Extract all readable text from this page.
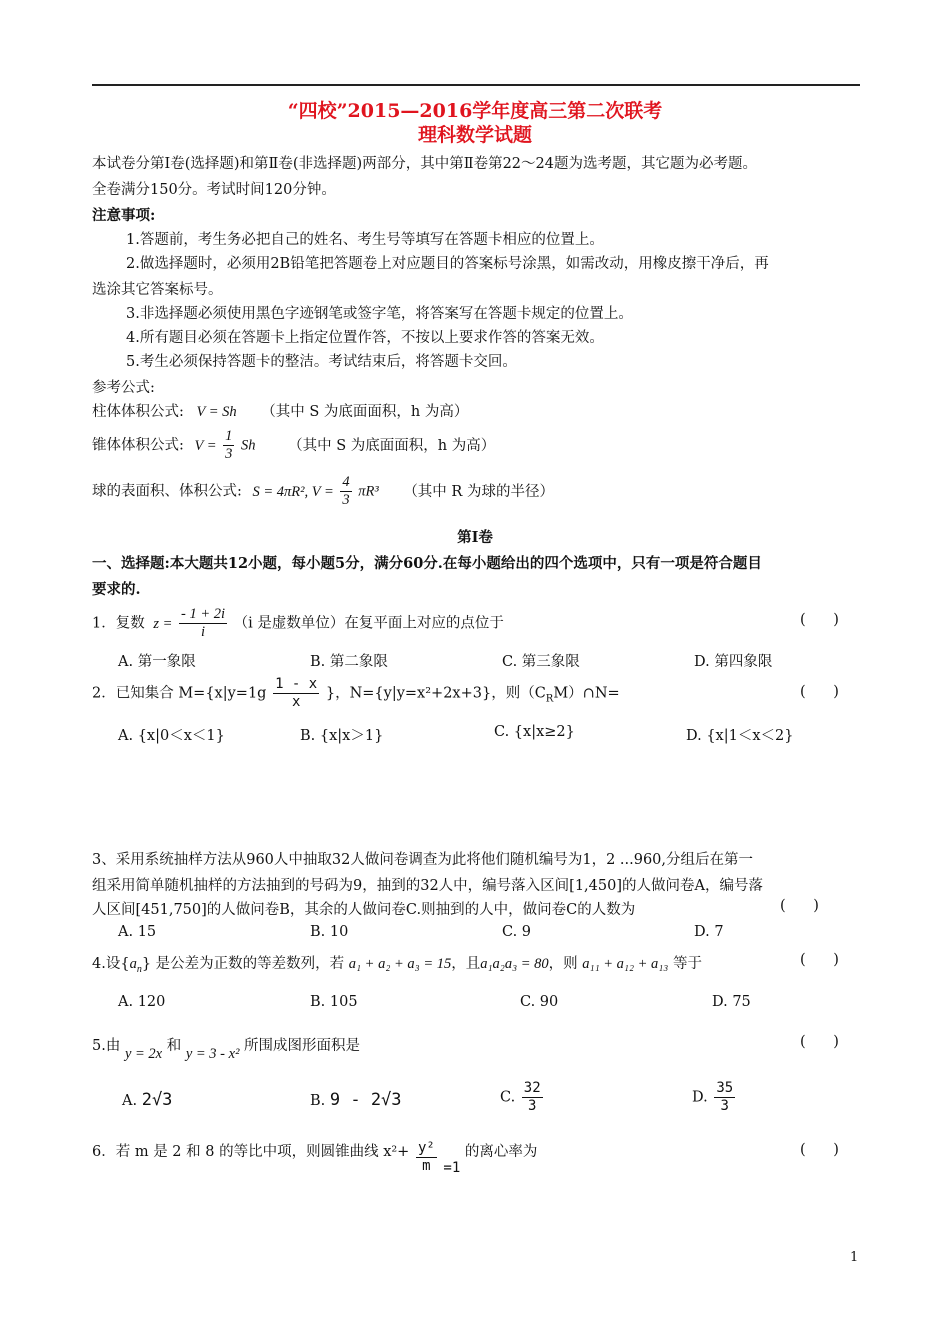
“四校”2015—2016学年度高三第二次联考
理科数学试题
本试卷分第Ⅰ卷(选择题)和第Ⅱ卷(非选择题)两部分，其中第Ⅱ卷第22～24题为选考题，其它题为必考题。
全卷满分150分。考试时间120分钟。
注意事项:
1.答题前，考生务必把自己的姓名、考生号等填写在答题卡相应的位置上。
2.做选择题时，必须用2B铅笔把答题卷上对应题目的答案标号涂黑，如需改动，用橡皮擦干净后，再
选涂其它答案标号。
3.非选择题必须使用黑色字迹钢笔或签字笔，将答案写在答题卡规定的位置上。
4.所有题目必须在答题卡上指定位置作答，不按以上要求作答的答案无效。
5.考生必须保持答题卡的整洁。考试结束后，将答题卡交回。
参考公式:
柱体体积公式: V = Sh （其中 S 为底面面积，h 为高）
锥体体积公式: $V = \frac{1}{3}$ Sh （其中 S 为底面面积，h 为高）
球的表面积、体积公式: S = 4πR², $V = \frac{4}{3} \pi R^3$ （其中 R 为球的半径）
第Ⅰ卷
一、选择题:本大题共12小题，每小题5分，满分60分.在每小题给出的四个选项中，只有一项是符合题目
要求的.
1．复数 $z = \frac{- 1 + 2i}{i} (i$ 是虚数单位）在复平面上对应的点位于	(      )
A. 第一象限	B. 第二象限	C. 第三象限	D. 第四象限
2．已知集合 $M=\{x|y=1g \frac{1 - x}{x}$ }，N={y|y=x²+2x+3}，则$(C_RM)\cap N=$	(      )
A. {x|0＜x＜1}	B. {x|x＞1}	C. {x|x≥2}	D. {x|1＜x＜2}
3、采用系统抽样方法从960人中抽取32人做问卷调查为此将他们随机编号为1，2 ...960,分组后在第一
组采用简单随机抽样的方法抽到的号码为9，抽到的32人中，编号落入区间[1,450]的人做问卷A，编号落
人区间[451,750]的人做问卷B，其余的人做问卷C.则抽到的人中，做问卷C的人数为	(      )
A. 15	B. 10	C. 9	D. 7
4.设$\{a_n\}$ 是公差为正数的等差数列，若 a₁ + a₂ + a₃ = 15，且a₁a₂a₃ = 80，则 a₁₁ + a₁₂ + a₁₃ 等于	(      )
A. 120	B. 105	C. 90	D. 75
5.由 y = 2x 和 y = 3 - x² 所围成图形面积是	(      )
A. 2√3	B. 9 - 2√3	C. $\frac{32}{3}$	D. $\frac{35}{3}$
6．若 m 是 2 和 8 的等比中项，则圆锥曲线 $x^2+ \frac{\text{y²}}{m} =1$ 的离心率为	(      )
1
